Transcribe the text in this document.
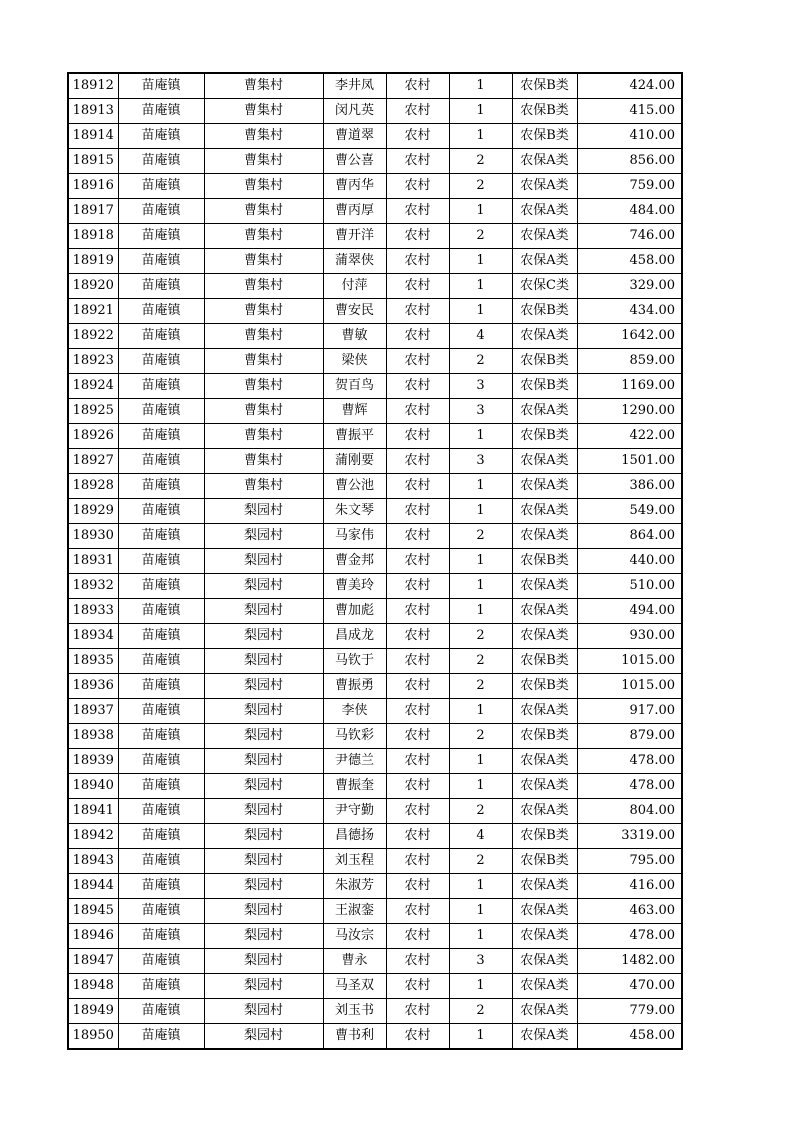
18912	苗庵镇	曹集村	李井凤	农村	1	农保B类	424.00
18913	苗庵镇	曹集村	闵凡英	农村	1	农保B类	415.00
18914	苗庵镇	曹集村	曹道翠	农村	1	农保B类	410.00
18915	苗庵镇	曹集村	曹公喜	农村	2	农保A类	856.00
18916	苗庵镇	曹集村	曹丙华	农村	2	农保A类	759.00
18917	苗庵镇	曹集村	曹丙厚	农村	1	农保A类	484.00
18918	苗庵镇	曹集村	曹开洋	农村	2	农保A类	746.00
18919	苗庵镇	曹集村	蒲翠侠	农村	1	农保A类	458.00
18920	苗庵镇	曹集村	付萍	农村	1	农保C类	329.00
18921	苗庵镇	曹集村	曹安民	农村	1	农保B类	434.00
18922	苗庵镇	曹集村	曹敏	农村	4	农保A类	1642.00
18923	苗庵镇	曹集村	梁侠	农村	2	农保B类	859.00
18924	苗庵镇	曹集村	贺百鸟	农村	3	农保B类	1169.00
18925	苗庵镇	曹集村	曹辉	农村	3	农保A类	1290.00
18926	苗庵镇	曹集村	曹振平	农村	1	农保B类	422.00
18927	苗庵镇	曹集村	蒲刚要	农村	3	农保A类	1501.00
18928	苗庵镇	曹集村	曹公池	农村	1	农保A类	386.00
18929	苗庵镇	梨园村	朱文琴	农村	1	农保A类	549.00
18930	苗庵镇	梨园村	马家伟	农村	2	农保A类	864.00
18931	苗庵镇	梨园村	曹金邦	农村	1	农保B类	440.00
18932	苗庵镇	梨园村	曹美玲	农村	1	农保A类	510.00
18933	苗庵镇	梨园村	曹加彪	农村	1	农保A类	494.00
18934	苗庵镇	梨园村	昌成龙	农村	2	农保A类	930.00
18935	苗庵镇	梨园村	马钦于	农村	2	农保B类	1015.00
18936	苗庵镇	梨园村	曹振勇	农村	2	农保B类	1015.00
18937	苗庵镇	梨园村	李侠	农村	1	农保A类	917.00
18938	苗庵镇	梨园村	马钦彩	农村	2	农保B类	879.00
18939	苗庵镇	梨园村	尹德兰	农村	1	农保A类	478.00
18940	苗庵镇	梨园村	曹振奎	农村	1	农保A类	478.00
18941	苗庵镇	梨园村	尹守勤	农村	2	农保A类	804.00
18942	苗庵镇	梨园村	昌德扬	农村	4	农保B类	3319.00
18943	苗庵镇	梨园村	刘玉程	农村	2	农保B类	795.00
18944	苗庵镇	梨园村	朱淑芳	农村	1	农保A类	416.00
18945	苗庵镇	梨园村	王淑銮	农村	1	农保A类	463.00
18946	苗庵镇	梨园村	马汝宗	农村	1	农保A类	478.00
18947	苗庵镇	梨园村	曹永	农村	3	农保A类	1482.00
18948	苗庵镇	梨园村	马圣双	农村	1	农保A类	470.00
18949	苗庵镇	梨园村	刘玉书	农村	2	农保A类	779.00
18950	苗庵镇	梨园村	曹书利	农村	1	农保A类	458.00
